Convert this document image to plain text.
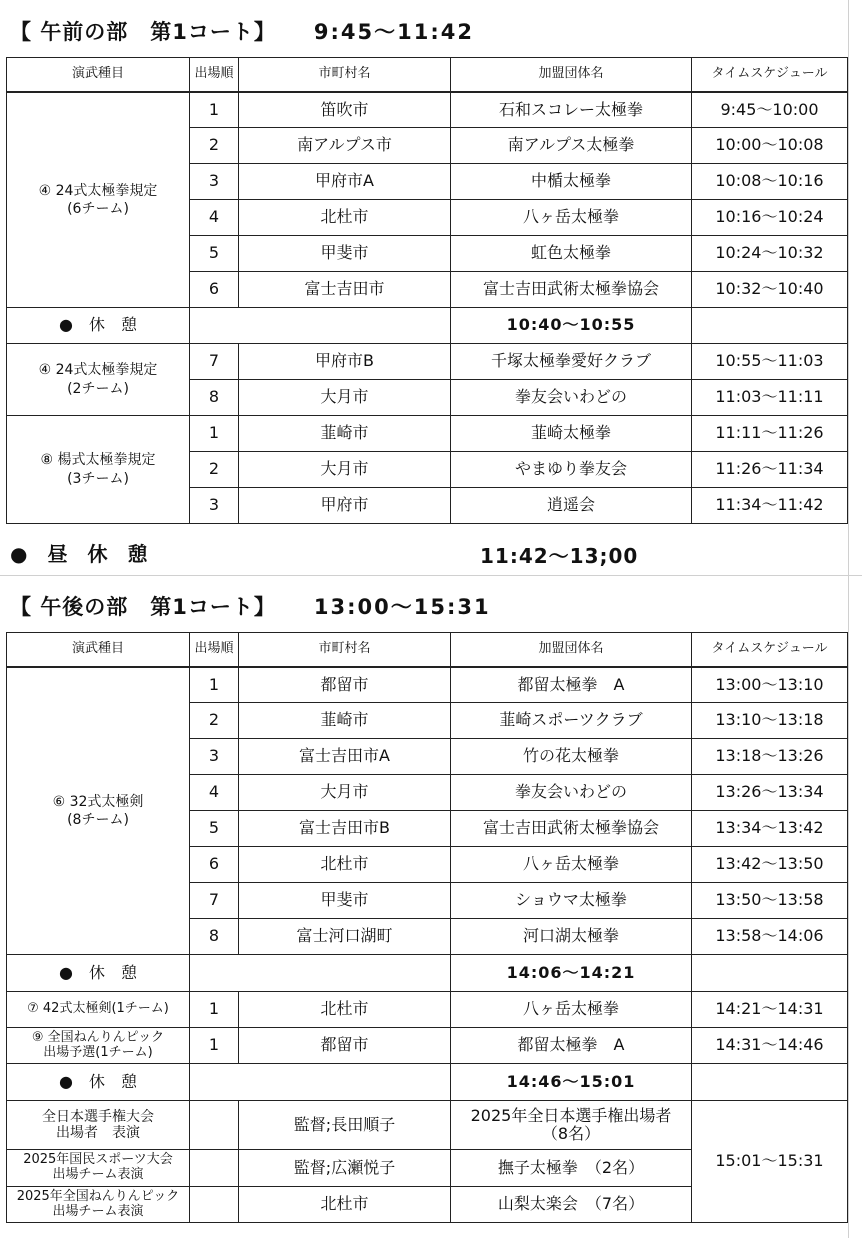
【 午前の部　第1コート】 9:45～11:42
演武種目	出場順	市町村名	加盟団体名	タイムスケジュール
④ 24式太極拳規定
(6チーム)	1	笛吹市	石和スコレー太極拳	9:45～10:00
	2	南アルプス市	南アルプス太極拳	10:00～10:08
	3	甲府市A	中楯太極拳	10:08～10:16
	4	北杜市	八ヶ岳太極拳	10:16～10:24
	5	甲斐市	虹色太極拳	10:24～10:32
	6	富士吉田市	富士吉田武術太極拳協会	10:32～10:40
●　休　憩			10:40～10:55	
④ 24式太極拳規定
(2チーム)	7	甲府市B	千塚太極拳愛好クラブ	10:55～11:03
	8	大月市	拳友会いわどの	11:03～11:11
⑧ 楊式太極拳規定
(3チーム)	1	韮崎市	韮崎太極拳	11:11～11:26
	2	大月市	やまゆり拳友会	11:26～11:34
	3	甲府市	逍遥会	11:34～11:42
●　昼　休　憩	11:42～13;00
【 午後の部　第1コート】 13:00～15:31
演武種目	出場順	市町村名	加盟団体名	タイムスケジュール
⑥ 32式太極剣
(8チーム)	1	都留市	都留太極拳　A	13:00～13:10
	2	韮崎市	韮崎スポーツクラブ	13:10～13:18
	3	富士吉田市A	竹の花太極拳	13:18～13:26
	4	大月市	拳友会いわどの	13:26～13:34
	5	富士吉田市B	富士吉田武術太極拳協会	13:34～13:42
	6	北杜市	八ヶ岳太極拳	13:42～13:50
	7	甲斐市	ショウマ太極拳	13:50～13:58
	8	富士河口湖町	河口湖太極拳	13:58～14:06
●　休　憩			14:06～14:21	
⑦ 42式太極剣(1チーム)	1	北杜市	八ヶ岳太極拳	14:21～14:31
⑨ 全国ねんりんピック
出場予選(1チーム)	1	都留市	都留太極拳　A	14:31～14:46
●　休　憩			14:46～15:01	
全日本選手権大会
出場者　表演		監督;長田順子	2025年全日本選手権出場者
（8名）	15:01～15:31
2025年国民スポーツ大会
出場チーム表演		監督;広瀬悦子	撫子太極拳　（2名）	
2025年全国ねんりんピック
出場チーム表演		北杜市	山梨太楽会　（7名）	
